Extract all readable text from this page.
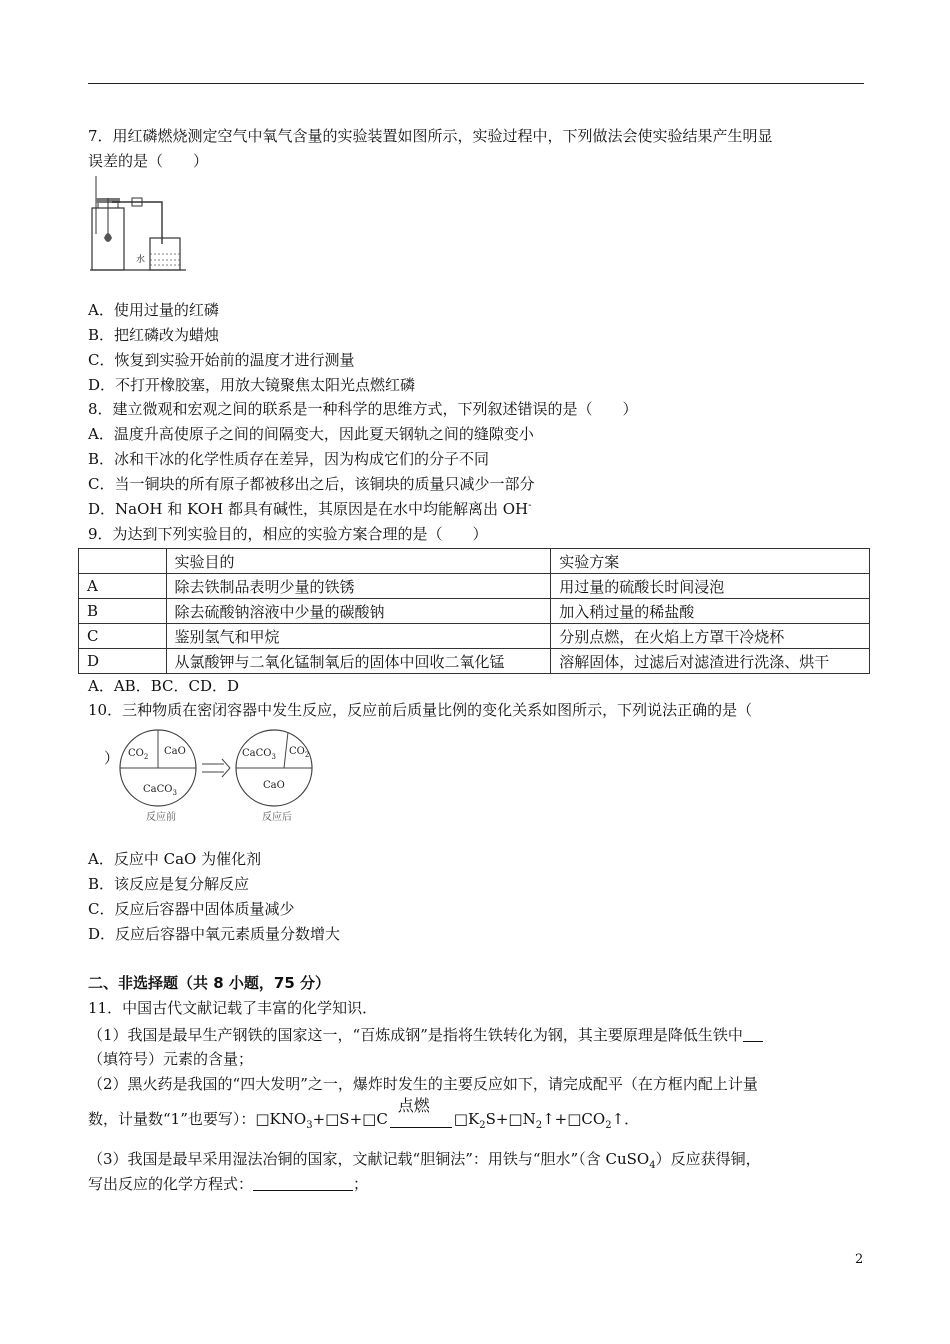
7．用红磷燃烧测定空气中氧气含量的实验装置如图所示，实验过程中，下列做法会使实验结果产生明显
误差的是（　　）
水
A．使用过量的红磷
B．把红磷改为蜡烛
C．恢复到实验开始前的温度才进行测量
D．不打开橡胶塞，用放大镜聚焦太阳光点燃红磷
8．建立微观和宏观之间的联系是一种科学的思维方式，下列叙述错误的是（　　）
A．温度升高使原子之间的间隔变大，因此夏天钢轨之间的缝隙变小
B．冰和干冰的化学性质存在差异，因为构成它们的分子不同
C．当一铜块的所有原子都被移出之后，该铜块的质量只减少一部分
D．NaOH 和 KOH 都具有碱性，其原因是在水中均能解离出 OH-
9．为达到下列实验目的，相应的实验方案合理的是（　　）
	实验目的	实验方案
A	除去铁制品表明少量的铁锈	用过量的硫酸长时间浸泡
B	除去硫酸钠溶液中少量的碳酸钠	加入稍过量的稀盐酸
C	鉴别氢气和甲烷	分别点燃，在火焰上方罩干冷烧杯
D	从氯酸钾与二氧化锰制氧后的固体中回收二氧化锰	溶解固体，过滤后对滤渣进行洗涤、烘干
A．AB．BC．CD．D
10．三种物质在密闭容器中发生反应，反应前后质量比例的变化关系如图所示，下列说法正确的是（
） $CO_2$ CaO
CaCO$_3$
反应前
CaCO$_3$ $CO_2$
CaO
反应后
A．反应中 CaO 为催化剂
B．该反应是复分解反应
C．反应后容器中固体质量减少
D．反应后容器中氧元素质量分数增大
二、非选择题（共 8 小题，75 分）
11．中国古代文献记载了丰富的化学知识．
（1）我国是最早生产钢铁的国家这一，“百炼成钢”是指将生铁转化为钢，其主要原理是降低生铁中
（填符号）元素的含量；
（2）黑火药是我国的“四大发明”之一，爆炸时发生的主要反应如下，请完成配平（在方框内配上计量
数，计量数“1”也要写）：$□KNO_3+□S+□C$
点燃
$□K_2S+□N_2↑+□CO_2↑$．
（3）我国是最早采用湿法冶铜的国家，文献记载“胆铜法”：用铁与“胆水”（含 CuSO$_4$）反应获得铜，
写出反应的化学方程式：	；
2
